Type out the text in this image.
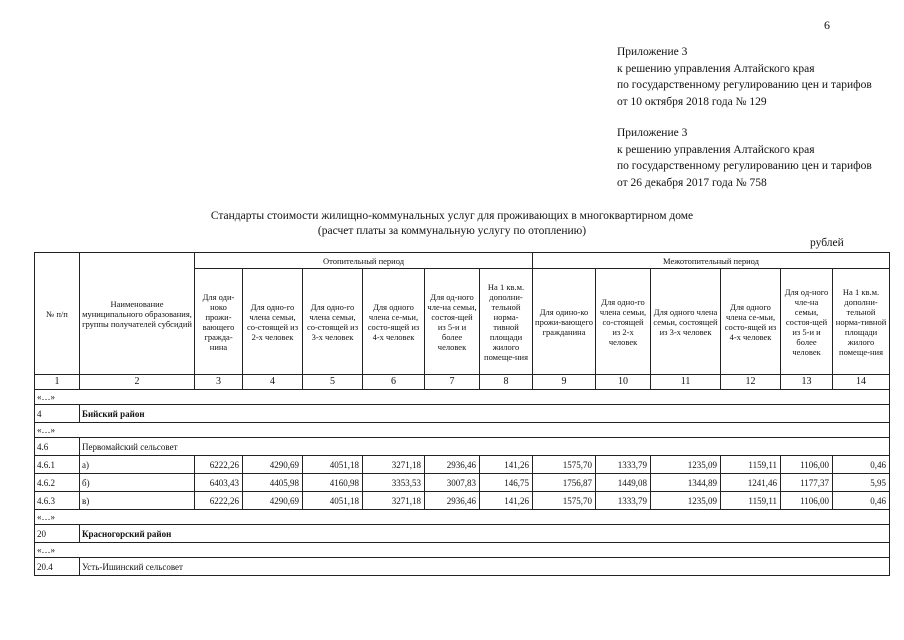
6
Приложение 3
к решению управления Алтайского края
по государственному регулированию цен и тарифов
от 10 октября 2018 года № 129
Приложение 3
к решению управления Алтайского края
по государственному регулированию цен и тарифов
от 26 декабря 2017 года № 758
Стандарты стоимости жилищно-коммунальных услуг для проживающих в многоквартирном доме
(расчет платы за коммунальную услугу по отоплению)
рублей
№ п/п	Наименование муниципального образования, группы получателей субсидий	Отопительный период						Межотопительный период					
		Для оди-ноко прожи-вающего гражда-нина	Для одно-го члена семьи, со-стоящей из 2-х человек	Для одно-го члена семьи, со-стоящей из 3-х человек	Для одного члена се-мьи, состо-ящей из 4-х человек	Для од-ного чле-на семьи, состоя-щей из 5-и и более человек	На 1 кв.м. дополни-тельной норма-тивной площади жилого помеще-ния	Для одино-ко прожи-вающего гражданина	Для одно-го члена семьи, со-стоящей из 2-х человек	Для одного члена семьи, состоящей из 3-х человек	Для одного члена се-мьи, состо-ящей из 4-х человек	Для од-ного чле-на семьи, состоя-щей из 5-и и более человек	На 1 кв.м. дополни-тельной норма-тивной площади жилого помеще-ния
1	2	3	4	5	6	7	8	9	10	11	12	13	14
«…»													
4	Бийский район												
«…»													
4.6	Первомайский сельсовет												
4.6.1	а)	6222,26	4290,69	4051,18	3271,18	2936,46	141,26	1575,70	1333,79	1235,09	1159,11	1106,00	0,46
4.6.2	б)	6403,43	4405,98	4160,98	3353,53	3007,83	146,75	1756,87	1449,08	1344,89	1241,46	1177,37	5,95
4.6.3	в)	6222,26	4290,69	4051,18	3271,18	2936,46	141,26	1575,70	1333,79	1235,09	1159,11	1106,00	0,46
«…»													
20	Красногорский район												
«…»													
20.4	Усть-Ишинский сельсовет												
